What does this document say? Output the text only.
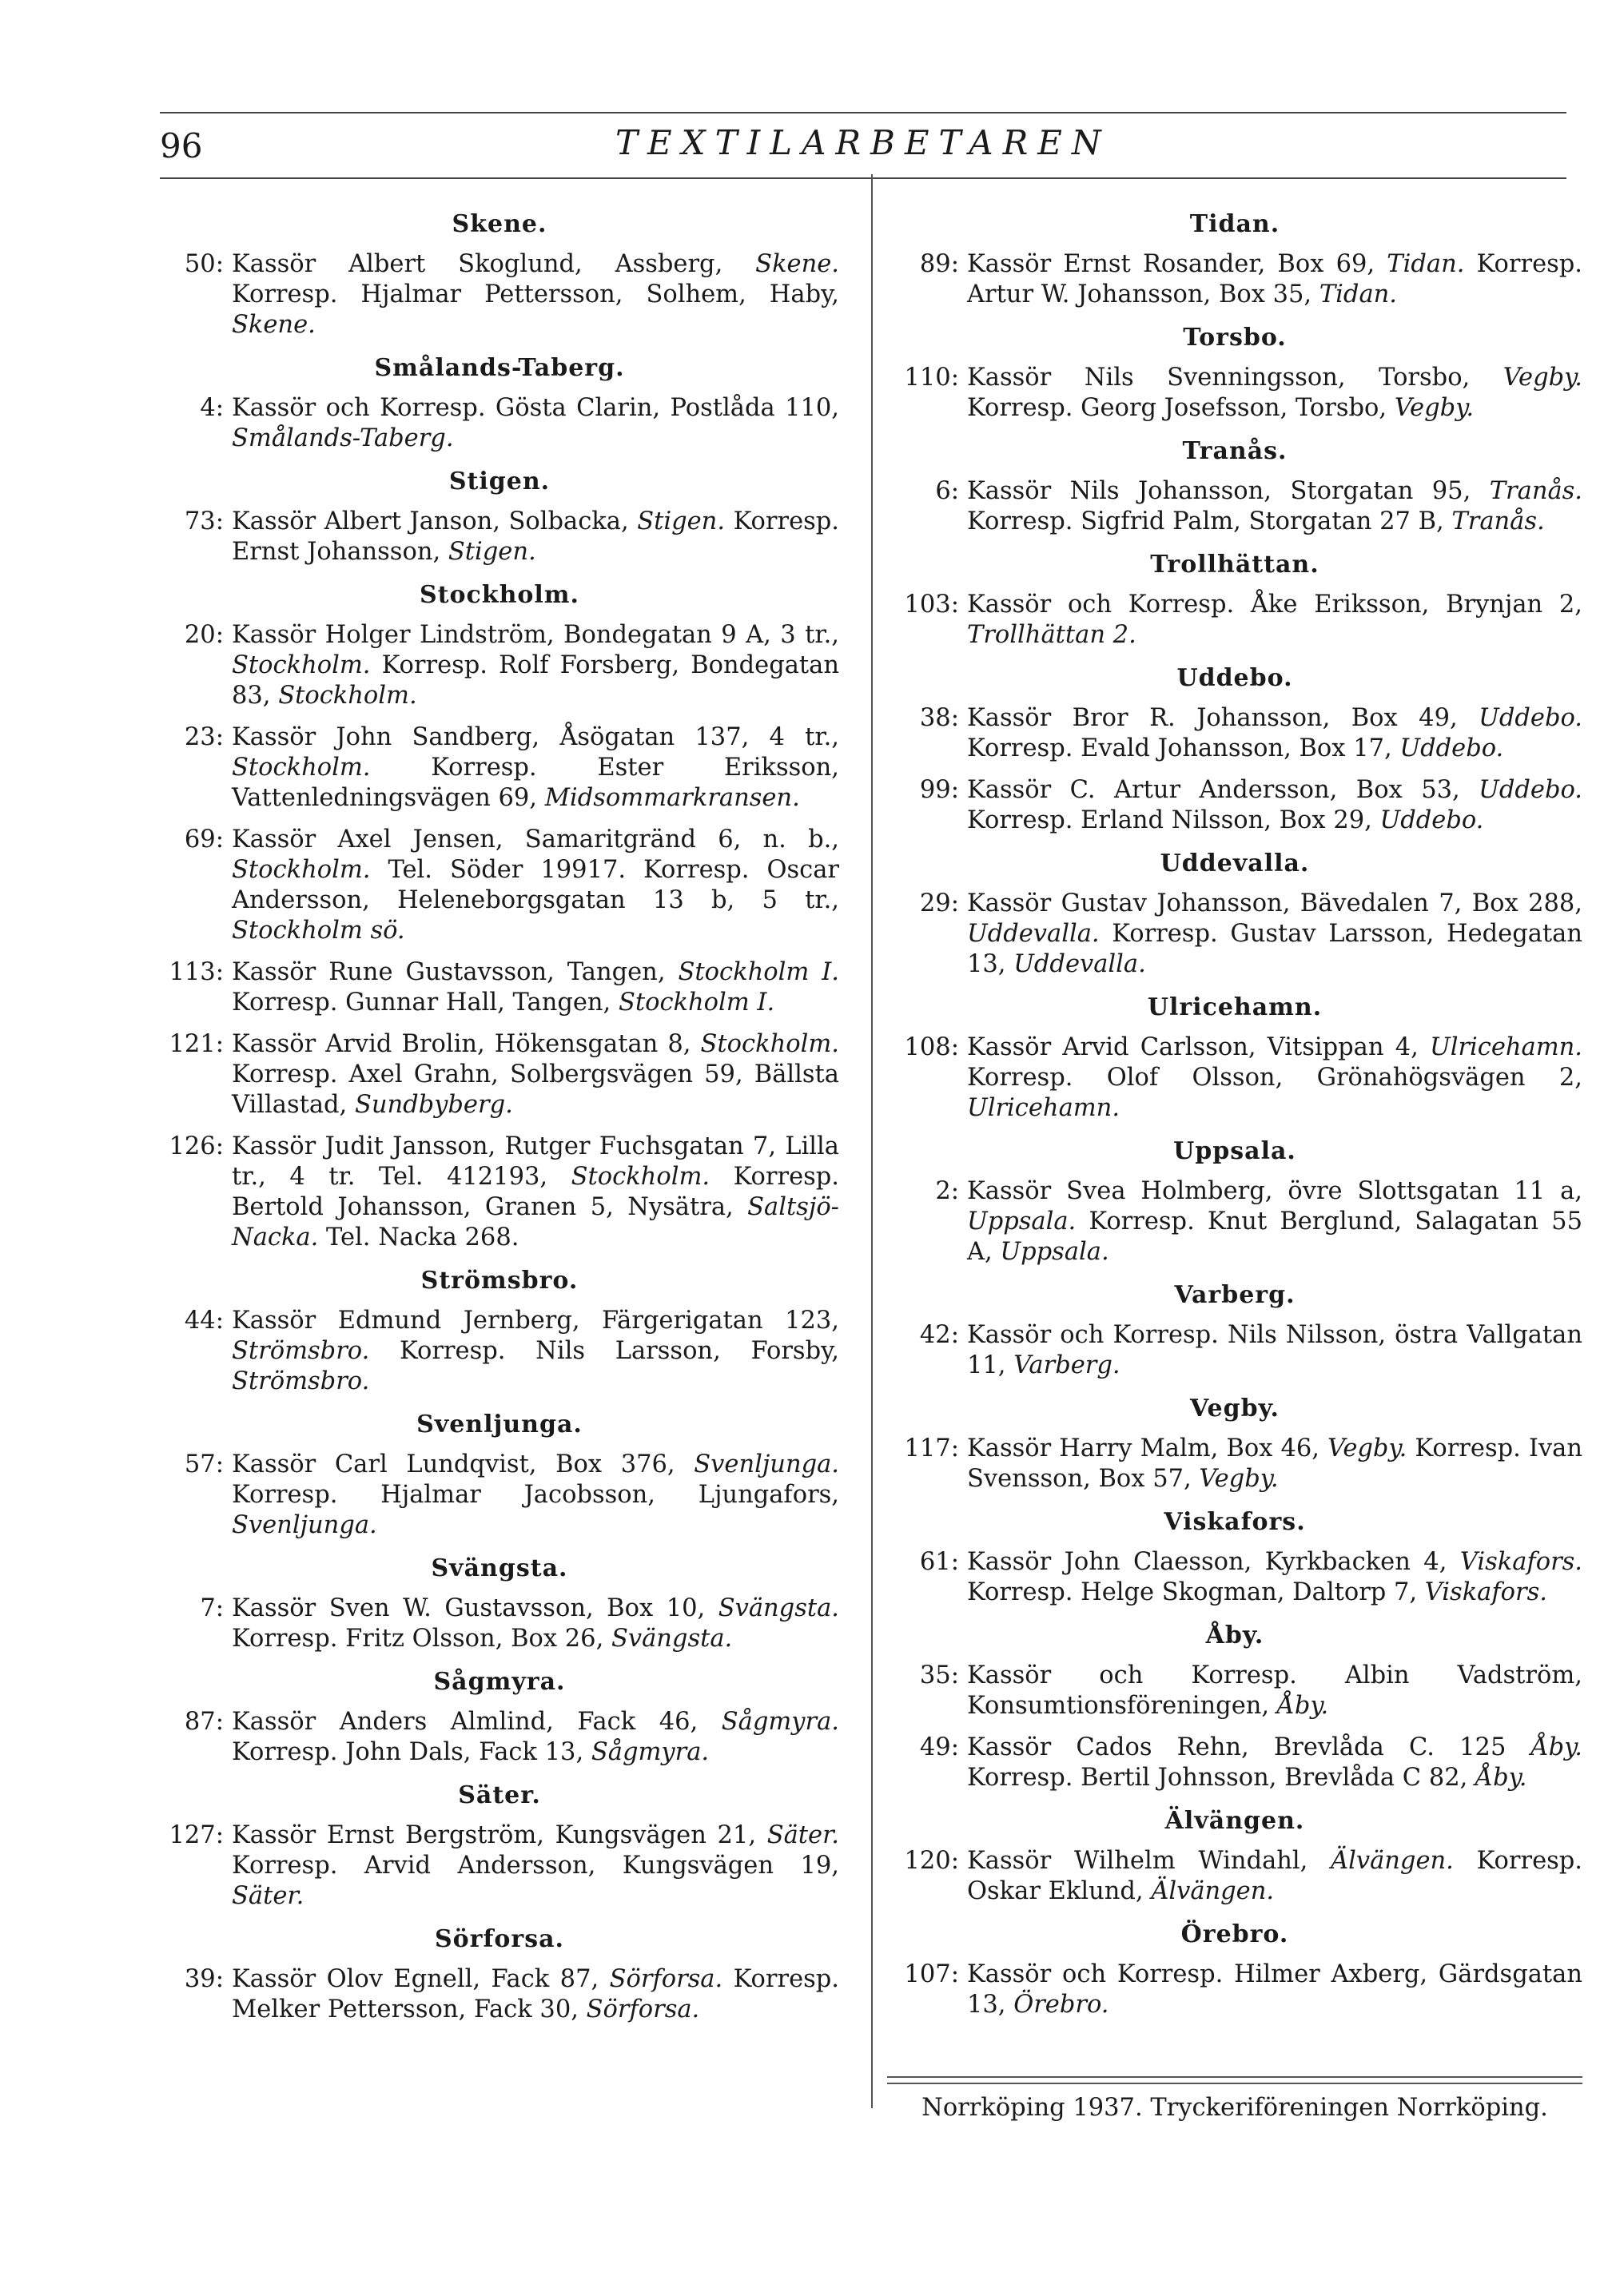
96	TEXTILARBETAREN
Skene.
50: Kassör Albert Skoglund, Assberg, Skene. Korresp. Hjalmar Pettersson, Solhem, Haby, Skene.
Smålands-Taberg.
4: Kassör och Korresp. Gösta Clarin, Postlåda 110, Smålands-Taberg.
Stigen.
73: Kassör Albert Janson, Solbacka, Stigen. Korresp. Ernst Johansson, Stigen.
Stockholm.
20: Kassör Holger Lindström, Bondegatan 9 A, 3 tr., Stockholm. Korresp. Rolf Forsberg, Bondegatan 83, Stockholm.
23: Kassör John Sandberg, Åsögatan 137, 4 tr., Stockholm. Korresp. Ester Eriksson, Vattenledningsvägen 69, Midsommarkransen.
69: Kassör Axel Jensen, Samaritgränd 6, n. b., Stockholm. Tel. Söder 19917. Korresp. Oscar Andersson, Heleneborgsgatan 13 b, 5 tr., Stockholm sö.
113: Kassör Rune Gustavsson, Tangen, Stockholm I. Korresp. Gunnar Hall, Tangen, Stockholm I.
121: Kassör Arvid Brolin, Hökensgatan 8, Stockholm. Korresp. Axel Grahn, Solbergsvägen 59, Bällsta Villastad, Sundbyberg.
126: Kassör Judit Jansson, Rutger Fuchsgatan 7, Lilla tr., 4 tr. Tel. 412193, Stockholm. Korresp. Bertold Johansson, Granen 5, Nysätra, Saltsjö-Nacka. Tel. Nacka 268.
Strömsbro.
44: Kassör Edmund Jernberg, Färgerigatan 123, Strömsbro. Korresp. Nils Larsson, Forsby, Strömsbro.
Svenljunga.
57: Kassör Carl Lundqvist, Box 376, Svenljunga. Korresp. Hjalmar Jacobsson, Ljungafors, Svenljunga.
Svängsta.
7: Kassör Sven W. Gustavsson, Box 10, Svängsta. Korresp. Fritz Olsson, Box 26, Svängsta.
Sågmyra.
87: Kassör Anders Almlind, Fack 46, Sågmyra. Korresp. John Dals, Fack 13, Sågmyra.
Säter.
127: Kassör Ernst Bergström, Kungsvägen 21, Säter. Korresp. Arvid Andersson, Kungsvägen 19, Säter.
Sörforsa.
39: Kassör Olov Egnell, Fack 87, Sörforsa. Korresp. Melker Pettersson, Fack 30, Sörforsa.
Tidan.
89: Kassör Ernst Rosander, Box 69, Tidan. Korresp. Artur W. Johansson, Box 35, Tidan.
Torsbo.
110: Kassör Nils Svenningsson, Torsbo, Vegby. Korresp. Georg Josefsson, Torsbo, Vegby.
Tranås.
6: Kassör Nils Johansson, Storgatan 95, Tranås. Korresp. Sigfrid Palm, Storgatan 27 B, Tranås.
Trollhättan.
103: Kassör och Korresp. Åke Eriksson, Brynjan 2, Trollhättan 2.
Uddebo.
38: Kassör Bror R. Johansson, Box 49, Uddebo. Korresp. Evald Johansson, Box 17, Uddebo.
99: Kassör C. Artur Andersson, Box 53, Uddebo. Korresp. Erland Nilsson, Box 29, Uddebo.
Uddevalla.
29: Kassör Gustav Johansson, Bävedalen 7, Box 288, Uddevalla. Korresp. Gustav Larsson, Hedegatan 13, Uddevalla.
Ulricehamn.
108: Kassör Arvid Carlsson, Vitsippan 4, Ulricehamn. Korresp. Olof Olsson, Grönahögsvägen 2, Ulricehamn.
Uppsala.
2: Kassör Svea Holmberg, övre Slottsgatan 11 a, Uppsala. Korresp. Knut Berglund, Salagatan 55 A, Uppsala.
Varberg.
42: Kassör och Korresp. Nils Nilsson, östra Vallgatan 11, Varberg.
Vegby.
117: Kassör Harry Malm, Box 46, Vegby. Korresp. Ivan Svensson, Box 57, Vegby.
Viskafors.
61: Kassör John Claesson, Kyrkbacken 4, Viskafors. Korresp. Helge Skogman, Daltorp 7, Viskafors.
Åby.
35: Kassör och Korresp. Albin Vadström, Konsumtionsföreningen, Åby.
49: Kassör Cados Rehn, Brevlåda C. 125 Åby. Korresp. Bertil Johnsson, Brevlåda C 82, Åby.
Älvängen.
120: Kassör Wilhelm Windahl, Älvängen. Korresp. Oskar Eklund, Älvängen.
Örebro.
107: Kassör och Korresp. Hilmer Axberg, Gärdsgatan 13, Örebro.
Norrköping 1937. Tryckeriföreningen Norrköping.
